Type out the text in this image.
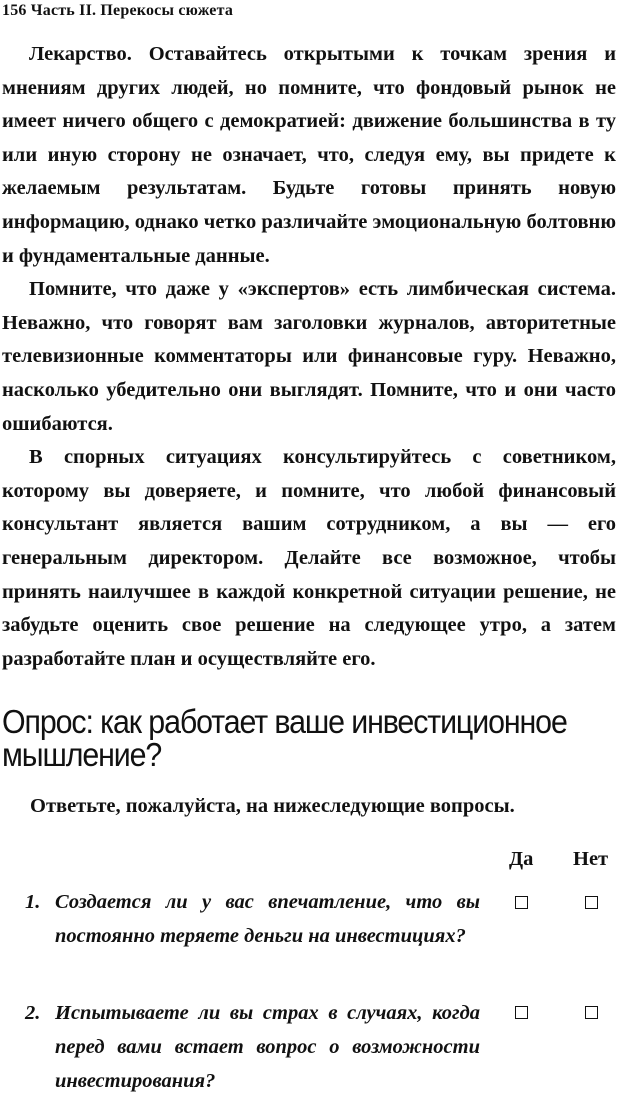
156 Часть II. Перекосы сюжета

Лекарство. Оставайтесь открытыми к точкам зрения и мнениям других людей, но помните, что фондовый рынок не имеет ничего общего с демократией: движение большинства в ту или иную сторону не означает, что, следуя ему, вы придете к желаемым результатам. Будьте готовы принять новую информацию, однако четко различайте эмоциональную болтовню и фундаментальные данные.

Помните, что даже у «экспертов» есть лимбическая система. Неважно, что говорят вам заголовки журналов, авторитетные телевизионные комментаторы или финансовые гуру. Неважно, насколько убедительно они выглядят. Помните, что и они часто ошибаются.

В спорных ситуациях консультируйтесь с советником, которому вы доверяете, и помните, что любой финансовый консультант является вашим сотрудником, а вы — его генеральным директором. Делайте все возможное, чтобы принять наилучшее в каждой конкретной ситуации решение, не забудьте оценить свое решение на следующее утро, а затем разработайте план и осуществляйте его.

Опрос: как работает ваше инвестиционное мышление?
Ответьте, пожалуйста, на нижеследующие вопросы.
Да Нет
1. Создается ли у вас впечатление, что вы постоянно теряете деньги на инвестициях?
2. Испытываете ли вы страх в случаях, когда перед вами встает вопрос о возможности инвестирования?
